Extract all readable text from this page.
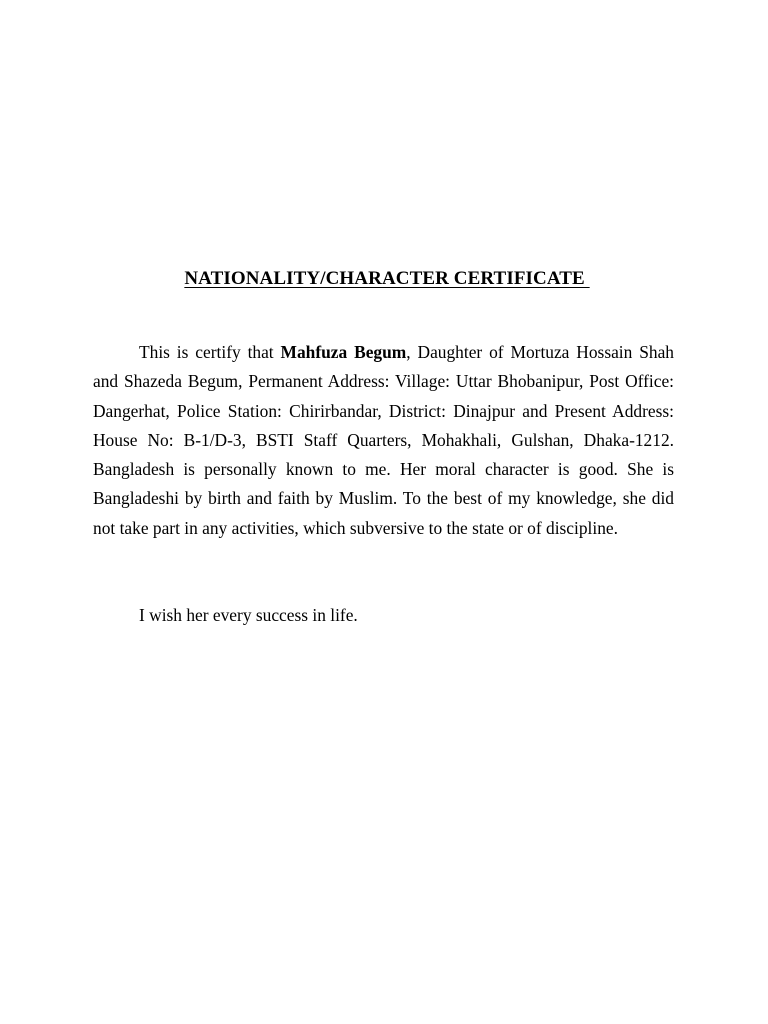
NATIONALITY/CHARACTER CERTIFICATE

This is certify that Mahfuza Begum, Daughter of Mortuza Hossain Shah and Shazeda Begum, Permanent Address: Village: Uttar Bhobanipur, Post Office: Dangerhat, Police Station: Chirirbandar, District: Dinajpur and Present Address: House No: B-1/D-3, BSTI Staff Quarters, Mohakhali, Gulshan, Dhaka-1212. Bangladesh is personally known to me. Her moral character is good. She is Bangladeshi by birth and faith by Muslim. To the best of my knowledge, she did not take part in any activities, which subversive to the state or of discipline.

I wish her every success in life.
